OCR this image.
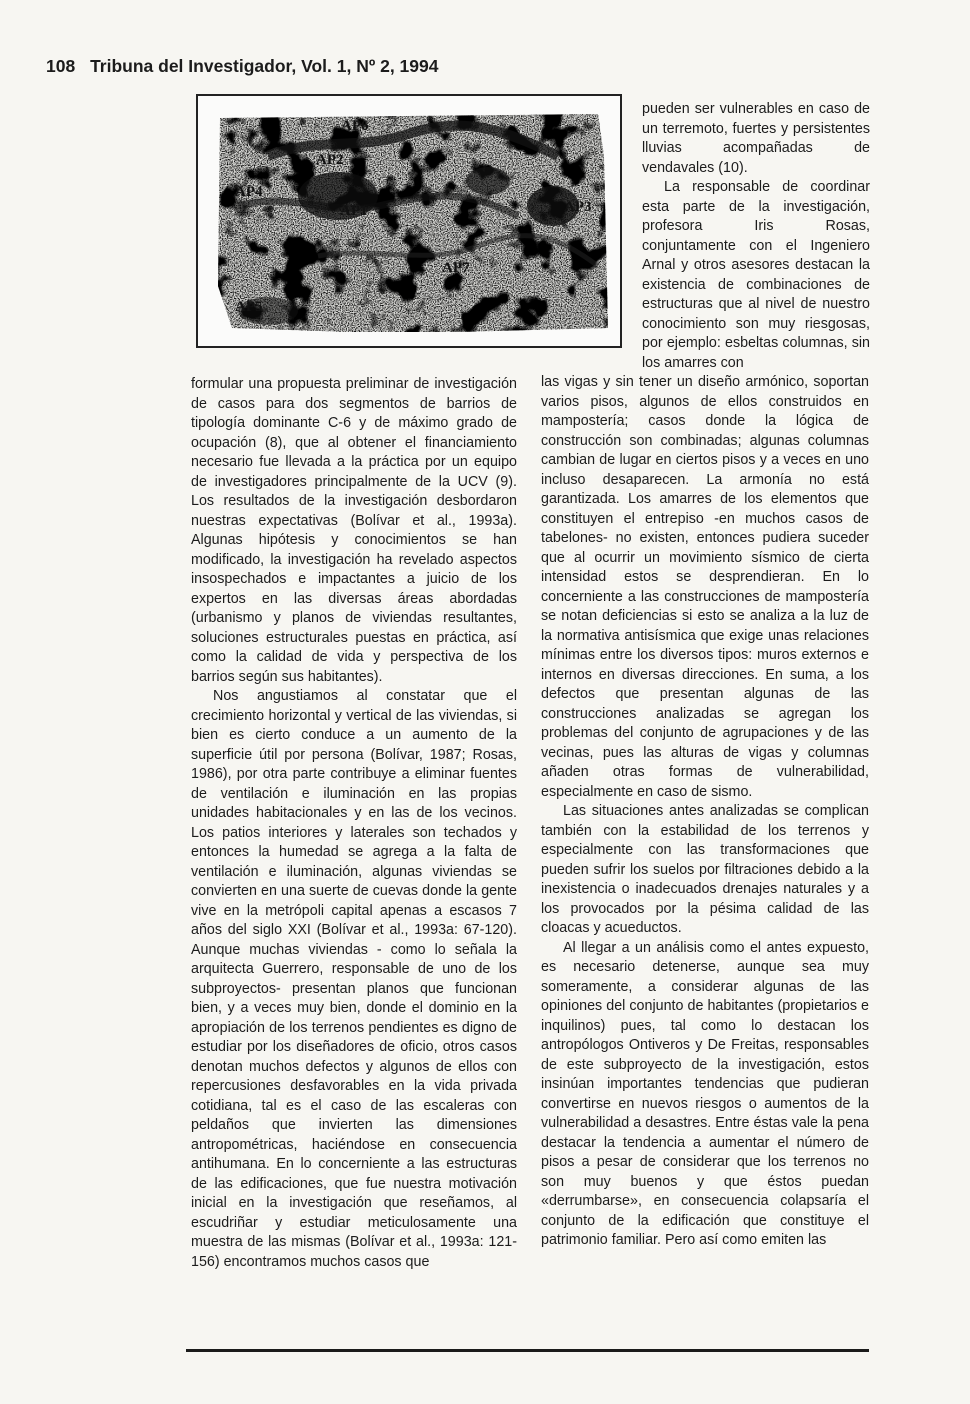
108 Tribuna del Investigador, Vol. 1, Nº 2, 1994
AP6
AP2
AP4
AP1	AP3
AP7
AP5

pueden ser vulnerables en caso de un terremoto, fuertes y persistentes lluvias acompañadas de vendavales (10).

La responsable de coordinar esta parte de la investigación, profesora Iris Rosas, conjuntamente con el Ingeniero Arnal y otros asesores destacan la existencia de combinaciones de estructuras que al nivel de nuestro conocimiento son muy riesgosas, por ejemplo: esbeltas columnas, sin los amarres con

formular una propuesta preliminar de investigación de casos para dos segmentos de barrios de tipología dominante C-6 y de máximo grado de ocupación (8), que al obtener el financiamiento necesario fue llevada a la práctica por un equipo de investigadores principalmente de la UCV (9). Los resultados de la investigación desbordaron nuestras expectativas (Bolívar et al., 1993a). Algunas hipótesis y conocimientos se han modificado, la investigación ha revelado aspectos insospechados e impactantes a juicio de los expertos en las diversas áreas abordadas (urbanismo y planos de viviendas resultantes, soluciones estructurales puestas en práctica, así como la calidad de vida y perspectiva de los barrios según sus habitantes).

Nos angustiamos al constatar que el crecimiento horizontal y vertical de las viviendas, si bien es cierto conduce a un aumento de la superficie útil por persona (Bolívar, 1987; Rosas, 1986), por otra parte contribuye a eliminar fuentes de ventilación e iluminación en las propias unidades habitacionales y en las de los vecinos. Los patios interiores y laterales son techados y entonces la humedad se agrega a la falta de ventilación e iluminación, algunas viviendas se convierten en una suerte de cuevas donde la gente vive en la metrópoli capital apenas a escasos 7 años del siglo XXI (Bolívar et al., 1993a: 67-120). Aunque muchas viviendas - como lo señala la arquitecta Guerrero, responsable de uno de los subproyectos- presentan planos que funcionan bien, y a veces muy bien, donde el dominio en la apropiación de los terrenos pendientes es digno de estudiar por los diseñadores de oficio, otros casos denotan muchos defectos y algunos de ellos con repercusiones desfavorables en la vida privada cotidiana, tal es el caso de las escaleras con peldaños que invierten las dimensiones antropométricas, haciéndose en consecuencia antihumana. En lo concerniente a las estructuras de las edificaciones, que fue nuestra motivación inicial en la investigación que reseñamos, al escudriñar y estudiar meticulosamente una muestra de las mismas (Bolívar et al., 1993a: 121-156) encontramos muchos casos que

las vigas y sin tener un diseño armónico, soportan varios pisos, algunos de ellos construidos en mampostería; casos donde la lógica de construcción son combinadas; algunas columnas cambian de lugar en ciertos pisos y a veces en uno incluso desaparecen. La armonía no está garantizada. Los amarres de los elementos que constituyen el entrepiso -en muchos casos de tabelones- no existen, entonces pudiera suceder que al ocurrir un movimiento sísmico de cierta intensidad estos se desprendieran. En lo concerniente a las construcciones de mampostería se notan deficiencias si esto se analiza a la luz de la normativa antisísmica que exige unas relaciones mínimas entre los diversos tipos: muros externos e internos en diversas direcciones. En suma, a los defectos que presentan algunas de las construcciones analizadas se agregan los problemas del conjunto de agrupaciones y de las vecinas, pues las alturas de vigas y columnas añaden otras formas de vulnerabilidad, especialmente en caso de sismo.

Las situaciones antes analizadas se complican también con la estabilidad de los terrenos y especialmente con las transformaciones que pueden sufrir los suelos por filtraciones debido a la inexistencia o inadecuados drenajes naturales y a los provocados por la pésima calidad de las cloacas y acueductos.

Al llegar a un análisis como el antes expuesto, es necesario detenerse, aunque sea muy someramente, a considerar algunas de las opiniones del conjunto de habitantes (propietarios e inquilinos) pues, tal como lo destacan los antropólogos Ontiveros y De Freitas, responsables de este subproyecto de la investigación, estos insinúan importantes tendencias que pudieran convertirse en nuevos riesgos o aumentos de la vulnerabilidad a desastres. Entre éstas vale la pena destacar la tendencia a aumentar el número de pisos a pesar de considerar que los terrenos no son muy buenos y que éstos puedan «derrumbarse», en consecuencia colapsaría el conjunto de la edificación que constituye el patrimonio familiar. Pero así como emiten las
